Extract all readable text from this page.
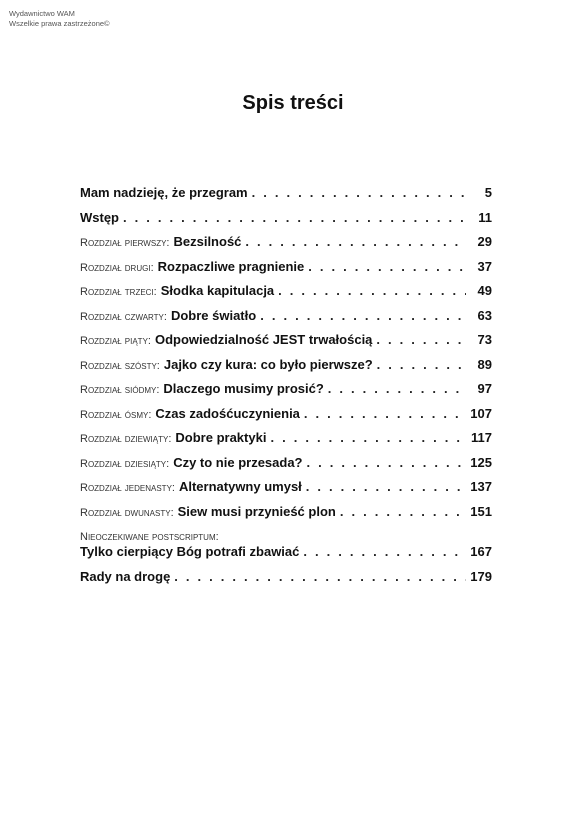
Wydawnictwo WAM
Wszelkie prawa zastrzeżone©
Spis treści
Mam nadzieję, że przegram . . .	5
Wstęp . . .	11
Rozdział pierwszy : Bezsilność . . .	29
Rozdział drugi : Rozpaczliwe pragnienie . . .	37
Rozdział trzeci : Słodka kapitulacja . . .	49
Rozdział czwarty : Dobre światło . . .	63
Rozdział piąty : Odpowiedzialność JEST trwałością . . .	73
Rozdział szósty : Jajko czy kura: co było pierwsze? . . .	89
Rozdział siódmy : Dlaczego musimy prosić? . . .	97
Rozdział ósmy : Czas zadośćuczynienia . . .	107
Rozdział dziewiąty : Dobre praktyki . . .	117
Rozdział dziesiąty : Czy to nie przesada? . . .	125
Rozdział jedenasty : Alternatywny umysł . . .	137
Rozdział dwunasty : Siew musi przynieść plon . . .	151
Nieoczekiwane postscriptum:
Tylko cierpiący Bóg potrafi zbawiać . . .	167
Rady na drogę . . .	179
